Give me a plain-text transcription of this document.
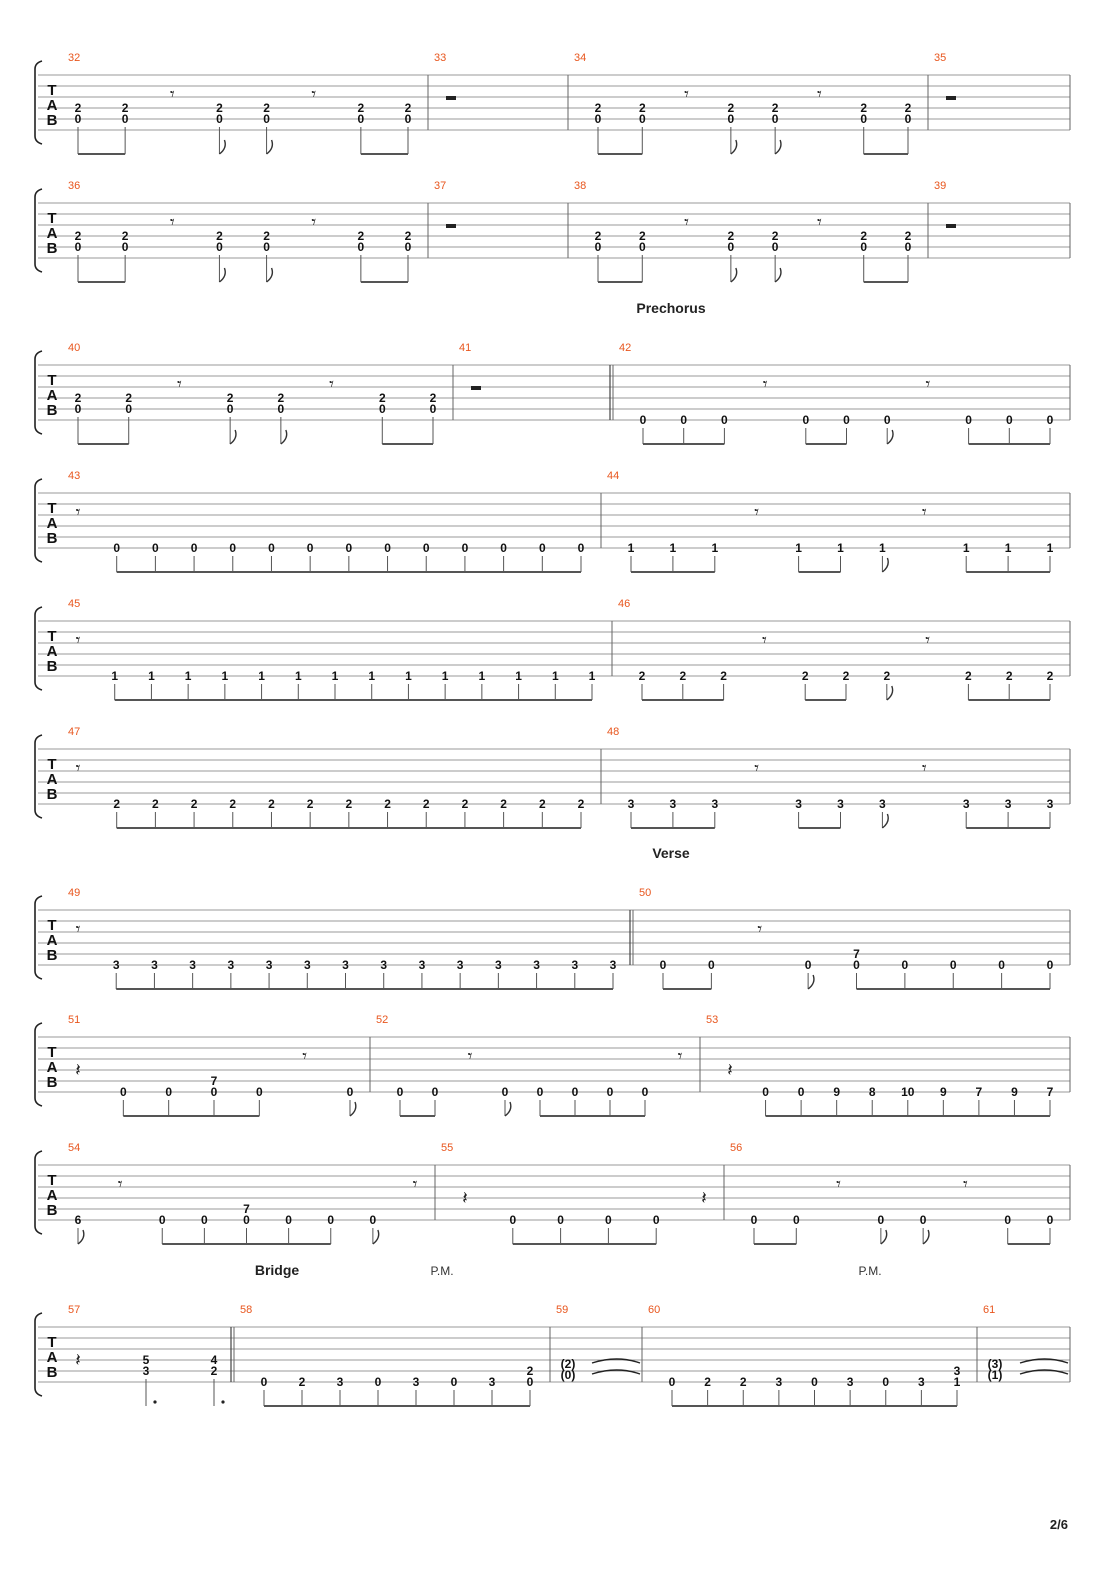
T
A
B
32
2
0
2
0
𝄾
2
0
2
0
𝄾
2
0
2
0
33	34
2
0
2
0
𝄾
2
0
2
0
𝄾
2
0
2
0
35
T
A
B
36
2
0
2
0
𝄾
2
0
2
0
𝄾
2
0
2
0
37	38
2
0
2
0
𝄾
2
0
2
0
𝄾
2
0
2
0
39
T
A
B
Prechorus
40
2
0
2
0
𝄾
2
0
2
0
𝄾
2
0
2
0
41	42
0	0	0
𝄾
0	0	0
𝄾
0	0	0
T
A
B
43
𝄾
0	0	0	0	0	0	0	0	0	0	0	0	0
44
1	1	1
𝄾
1	1	1
𝄾
1	1	1
T
A
B
45
𝄾
1	1	1	1	1	1	1	1	1	1	1	1	1	1
46
2	2	2
𝄾
2	2	2
𝄾
2	2	2
T
A
B
47
𝄾
2	2	2	2	2	2	2	2	2	2	2	2	2
48
3	3	3
𝄾
3	3	3
𝄾
3	3	3
T
A
B
Verse
49
𝄾
3	3	3	3	3	3	3	3	3	3	3	3	3	3
50
0	0
𝄾
0	0
7
0	0	0	0
T
A
B
51
𝄽
0	0	0
7
0
𝄾
0
52
0 0
𝄾
0 0 0 0 0
𝄾
53
𝄽
0 0 9 8 10 9 7 9 7
T
A
B
54
6
𝄾
0	0	0
7
0	0	0
𝄾
55
𝄽
0	0	0	0
𝄽
56
0	0
𝄾
0	0
𝄾
0	0
T
A
B
Bridge	P.M.	P.M.
57
𝄽	5
3
4
2
58
0	2	3	0	3	0	3	0
2
59
(2)
(0)
60
0 2 2 3 0 3 0 3 1
3
61
(3)
(1)
2/6
